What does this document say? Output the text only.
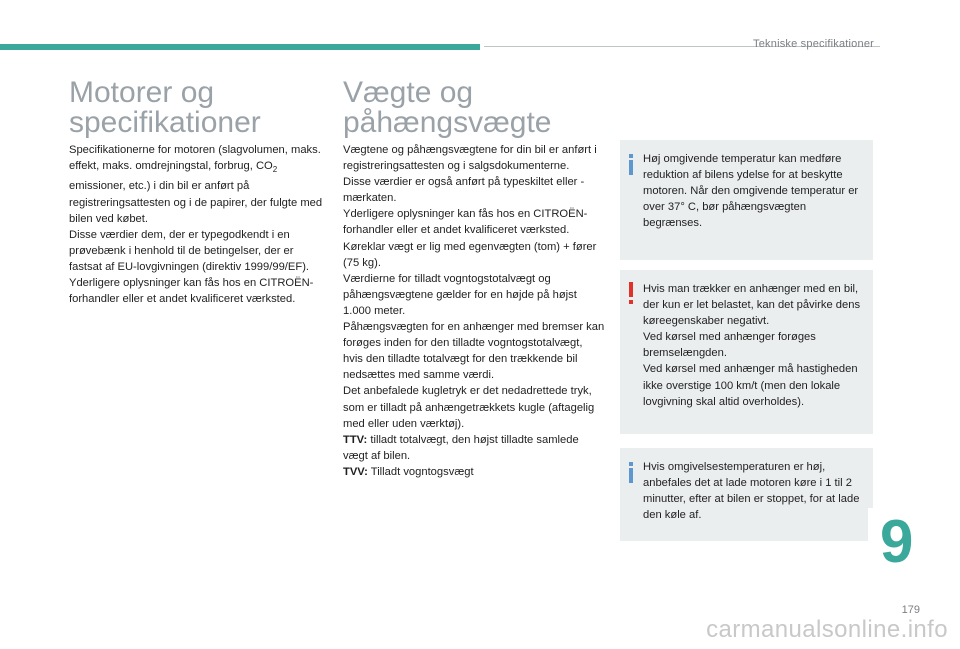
Tekniske specifikationer
Motorer og
specifikationer

Specifikationerne for motoren (slagvolumen, maks. effekt, maks. omdrejningstal, forbrug, $CO_2$ emissioner, etc.) i din bil er anført på registreringsattesten og i de papirer, der fulgte med bilen ved købet.

Disse værdier dem, der er typegodkendt i en prøvebænk i henhold til de betingelser, der er fastsat af EU-lovgivningen (direktiv 1999/99/EF).

Yderligere oplysninger kan fås hos en CITROËN-forhandler eller et andet kvalificeret værksted.

Vægte og
påhængsvægte

Vægtene og påhængsvægtene for din bil er anført i registreringsattesten og i salgsdokumenterne.

Disse værdier er også anført på typeskiltet eller -mærkaten.

Yderligere oplysninger kan fås hos en CITROËN-forhandler eller et andet kvalificeret værksted.

Køreklar vægt er lig med egenvægten (tom) + fører (75 kg).

Værdierne for tilladt vogntogstotalvægt og påhængsvægtene gælder for en højde på højst 1.000 meter.

Påhængsvægten for en anhænger med bremser kan forøges inden for den tilladte vogntogstotalvægt, hvis den tilladte totalvægt for den trækkende bil nedsættes med samme værdi.

Det anbefalede kugletryk er det nedadrettede tryk, som er tilladt på anhængetrækkets kugle (aftagelig med eller uden værktøj).

TTV: tilladt totalvægt, den højst tilladte samlede vægt af bilen.

TVV: Tilladt vogntogsvægt

Høj omgivende temperatur kan medføre reduktion af bilens ydelse for at beskytte motoren. Når den omgivende temperatur er over 37° C, bør påhængsvægten begrænses.

Hvis man trækker en anhænger med en bil, der kun er let belastet, kan det påvirke dens køreegenskaber negativt.

Ved kørsel med anhænger forøges bremselængden.

Ved kørsel med anhænger må hastigheden ikke overstige 100 km/t (men den lokale lovgivning skal altid overholdes).

Hvis omgivelsestemperaturen er høj, anbefales det at lade motoren køre i 1 til 2 minutter, efter at bilen er stoppet, for at lade den køle af.	9
179
carmanualsonline.info
